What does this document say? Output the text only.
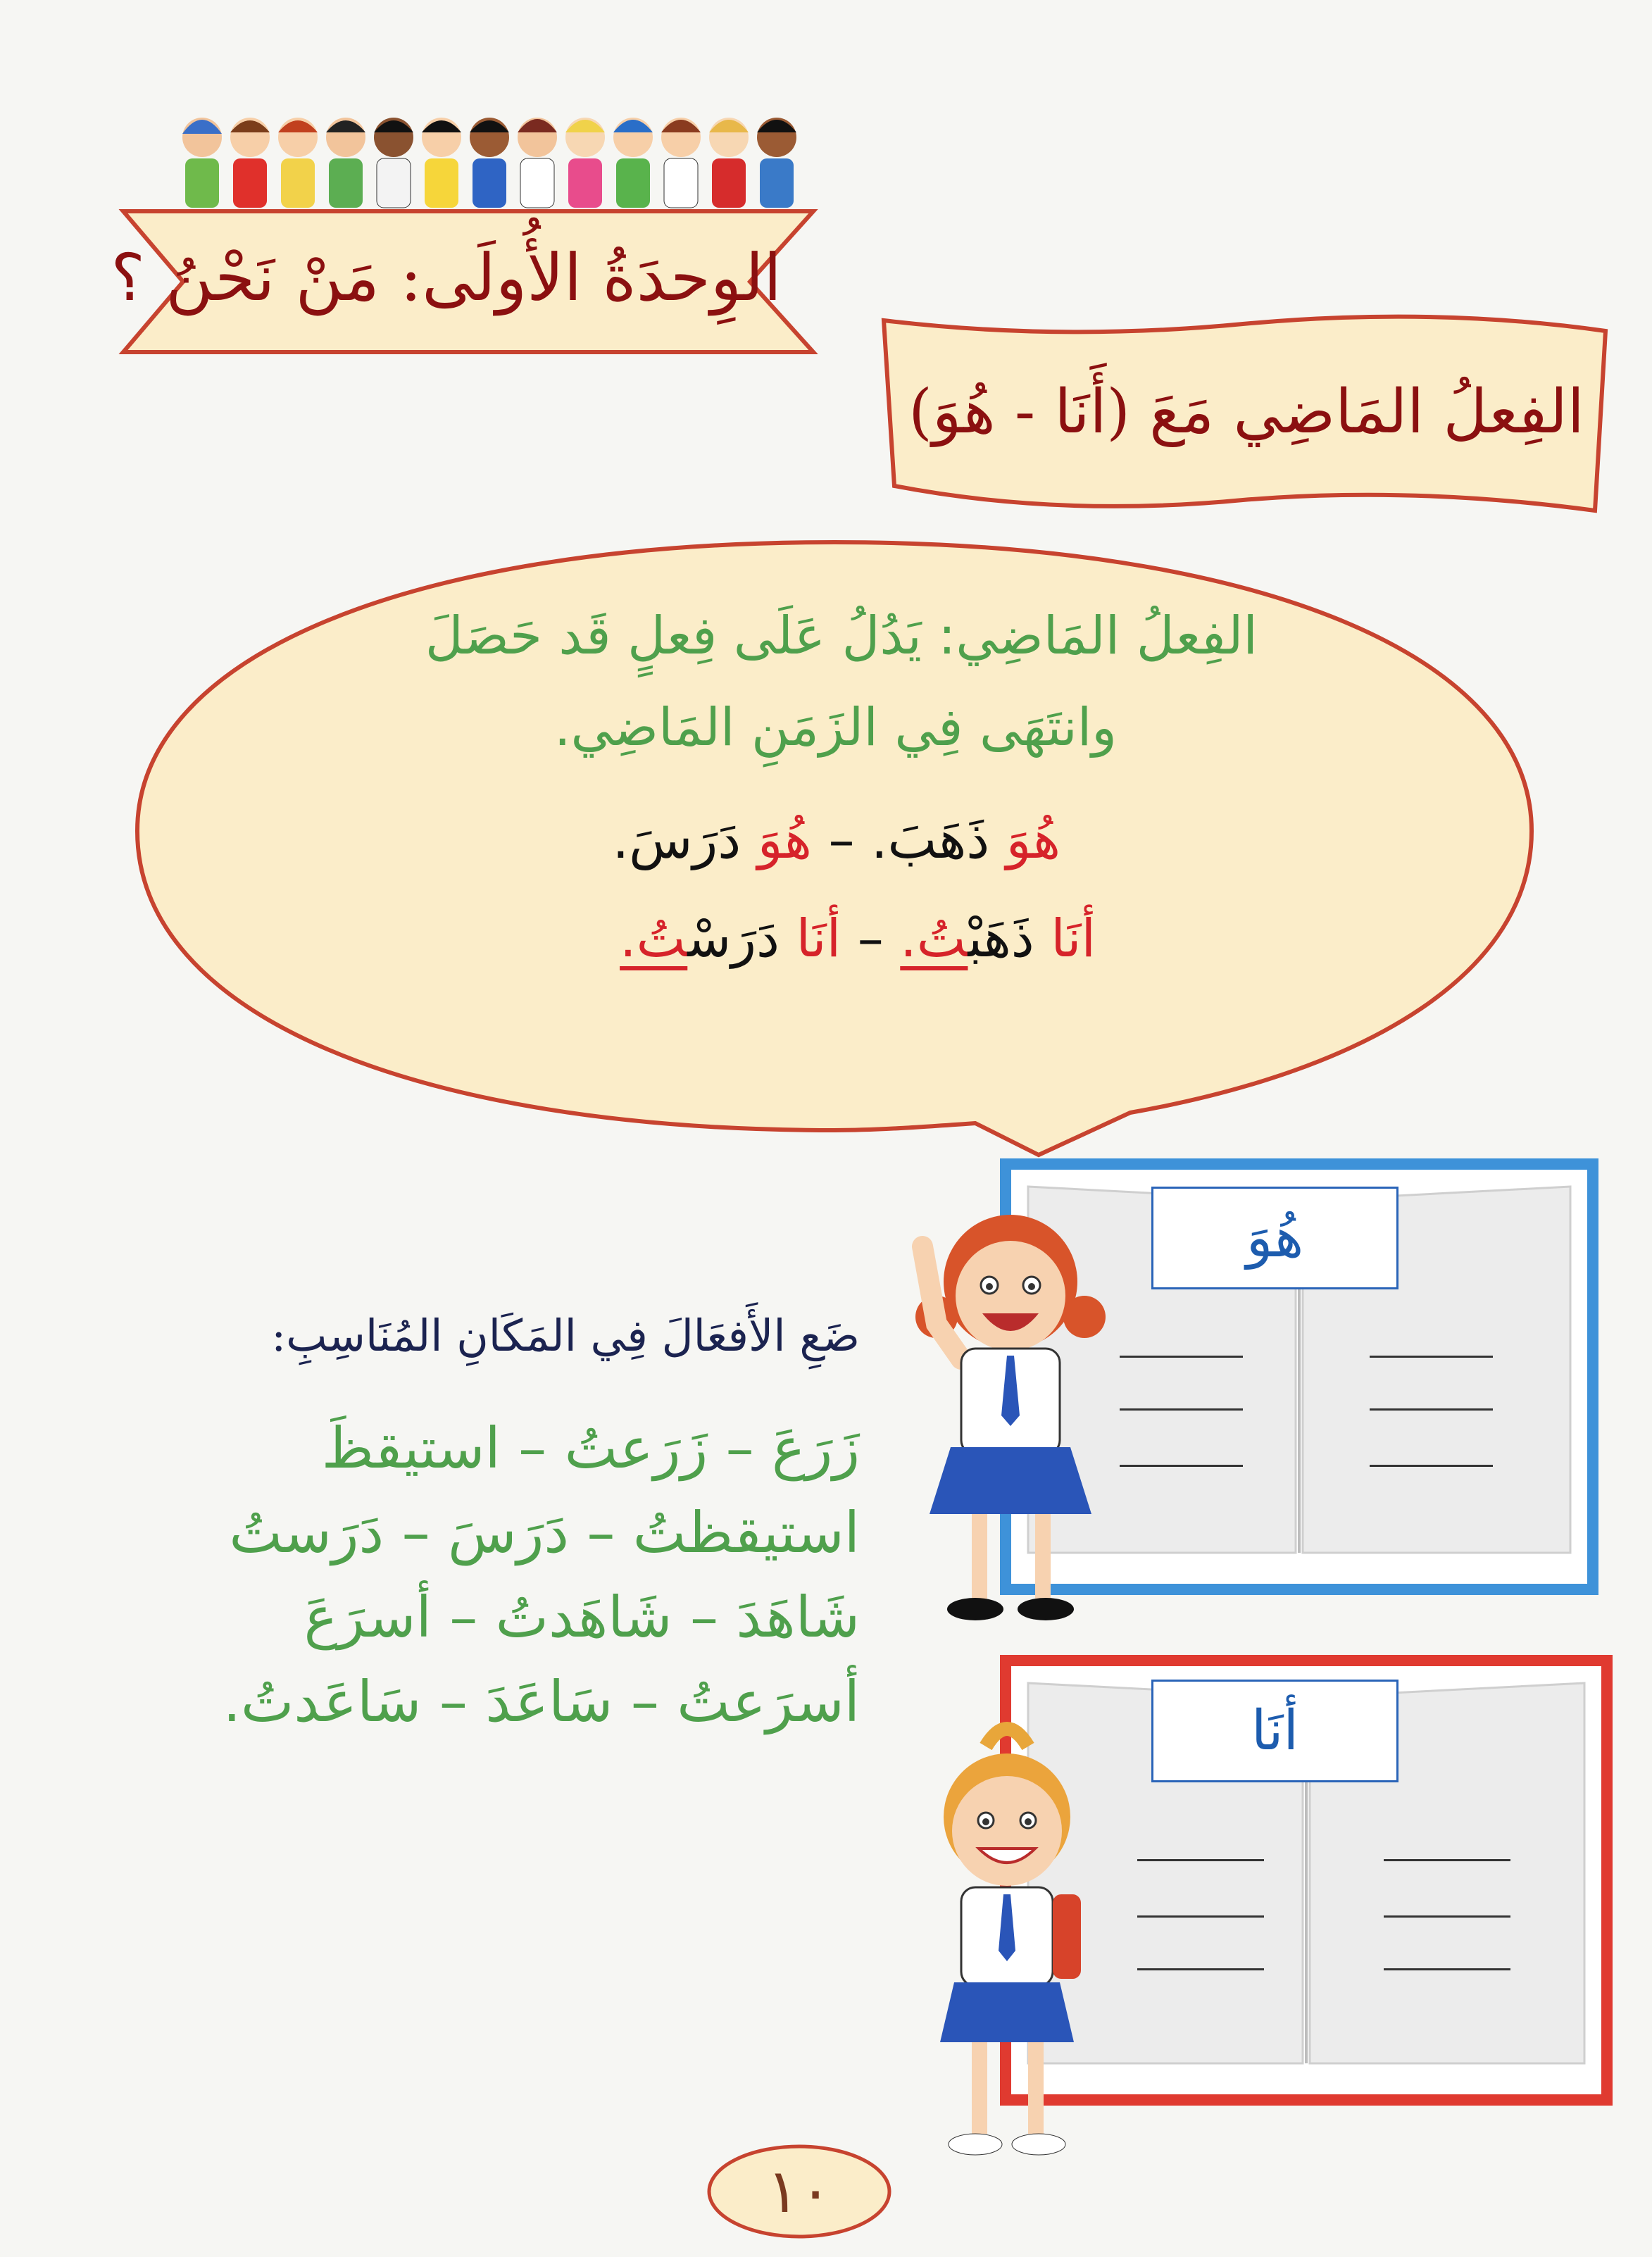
الوِحدَةُ الأُولَى: مَنْ نَحْنُ ؟
الفِعلُ المَاضِي مَعَ (أَنَا - هُوَ)
الفِعلُ المَاضِي: يَدُلُ عَلَى فِعلٍ قَد حَصَلَ
وانتَهَى فِي الزَمَنِ المَاضِي.
هُوَ ذَهَبَ. – هُوَ دَرَسَ.
أنَا ذَهَبْتُ. – أنَا دَرَسْتُ.
ضَعِ الأَفعَالَ فِي المَكَانِ المُنَاسِبِ:
زَرَعَ – زَرَعتُ – استيقظَ
استيقظتُ – دَرَسَ – دَرَستُ
شَاهَدَ – شَاهَدتُ – أسرَعَ
أسرَعتُ – سَاعَدَ – سَاعَدتُ.
هُوَ
أنَا
١٠
